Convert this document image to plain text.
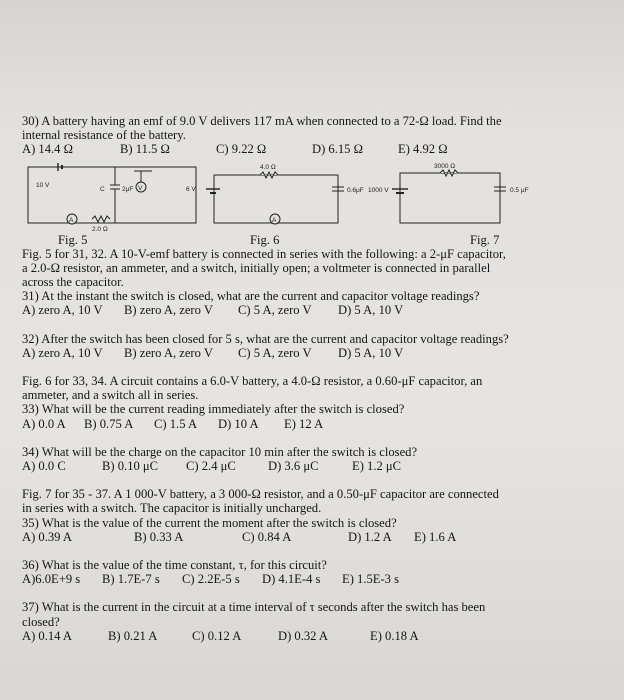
30) A battery having an emf of 9.0 V delivers 117 mA when connected to a 72-Ω load. Find the
internal resistance of the battery.
A) 14.4 Ω	B) 11.5 Ω	C) 9.22 Ω	D) 6.15 Ω	E) 4.92 Ω
10 V
C	2μF V
A
2.0 Ω
6 V
4.0 Ω
0.6μF
A
1000 V
3000 Ω
0.5 μF
Fig. 5	Fig. 6	Fig. 7
Fig. 5 for 31, 32. A 10-V-emf battery is connected in series with the following: a 2-μF capacitor,
a 2.0-Ω resistor, an ammeter, and a switch, initially open; a voltmeter is connected in parallel
across the capacitor.
31) At the instant the switch is closed, what are the current and capacitor voltage readings?
A) zero A, 10 V	B) zero A, zero V	C) 5 A, zero V	D) 5 A, 10 V
32) After the switch has been closed for 5 s, what are the current and capacitor voltage readings?
A) zero A, 10 V	B) zero A, zero V	C) 5 A, zero V	D) 5 A, 10 V
Fig. 6 for 33, 34. A circuit contains a 6.0-V battery, a 4.0-Ω resistor, a 0.60-μF capacitor, an
ammeter, and a switch all in series.
33) What will be the current reading immediately after the switch is closed?
A) 0.0 A	B) 0.75 A	C) 1.5 A	D) 10 A	E) 12 A
34) What will be the charge on the capacitor 10 min after the switch is closed?
A) 0.0 C	B) 0.10 μC	C) 2.4 μC	D) 3.6 μC	E) 1.2 μC
Fig. 7 for 35 - 37. A 1 000-V battery, a 3 000-Ω resistor, and a 0.50-μF capacitor are connected
in series with a switch. The capacitor is initially uncharged.
35) What is the value of the current the moment after the switch is closed?
A) 0.39 A	B) 0.33 A	C) 0.84 A	D) 1.2 A	E) 1.6 A
36) What is the value of the time constant, τ, for this circuit?
A)6.0E+9 s	B) 1.7E-7 s	C) 2.2E-5 s	D) 4.1E-4 s	E) 1.5E-3 s
37) What is the current in the circuit at a time interval of τ seconds after the switch has been
closed?
A) 0.14 A	B) 0.21 A	C) 0.12 A	D) 0.32 A	E) 0.18 A
